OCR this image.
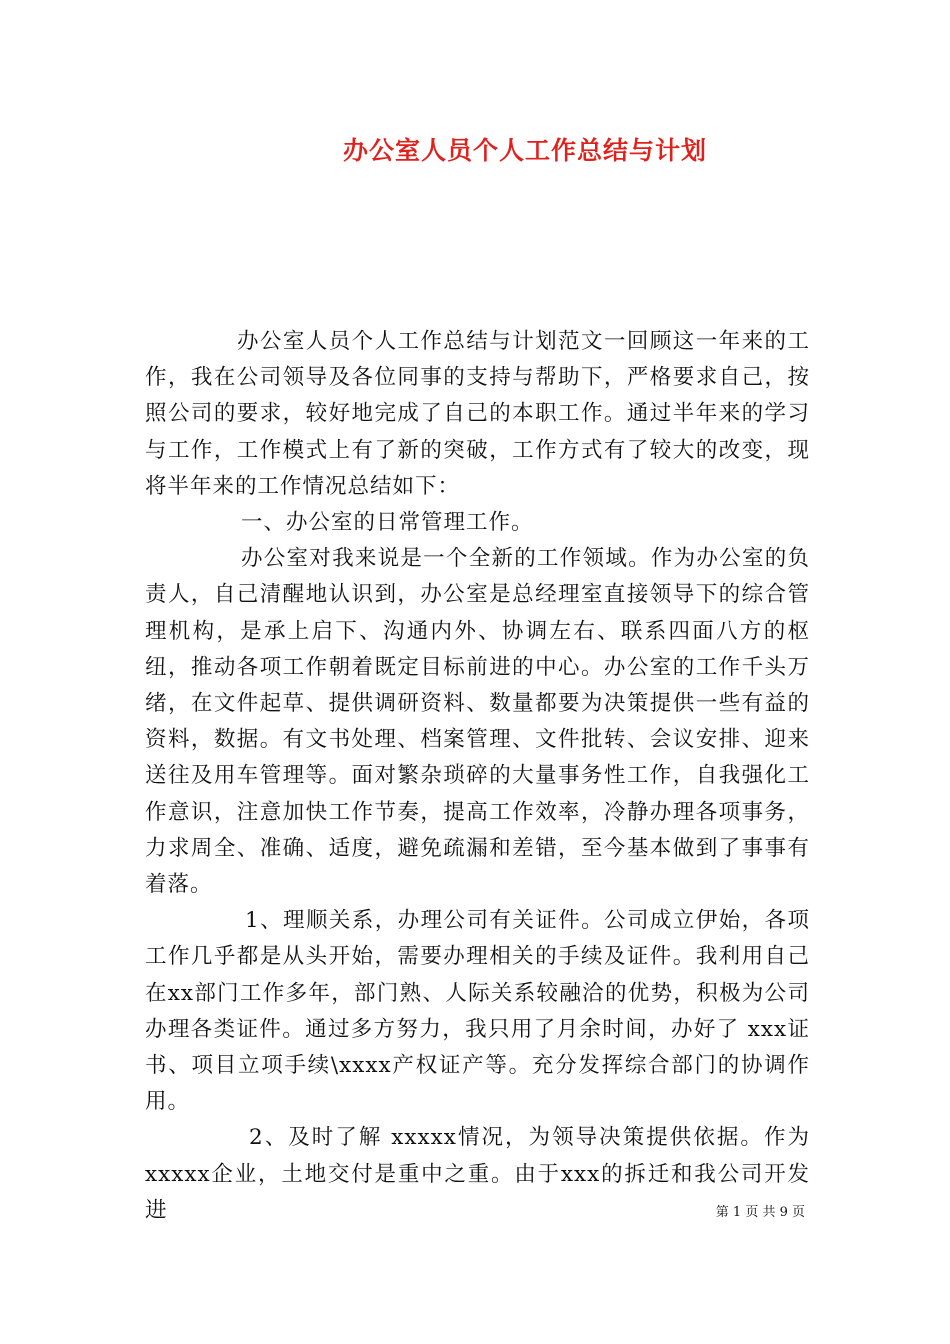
办公室人员个人工作总结与计划

办公室人员个人工作总结与计划范文一回顾这一年来的工作，我在公司领导及各位同事的支持与帮助下，严格要求自己，按照公司的要求，较好地完成了自己的本职工作。通过半年来的学习与工作，工作模式上有了新的突破，工作方式有了较大的改变，现将半年来的工作情况总结如下：

一、办公室的日常管理工作。

办公室对我来说是一个全新的工作领域。作为办公室的负责人，自己清醒地认识到，办公室是总经理室直接领导下的综合管理机构，是承上启下、沟通内外、协调左右、联系四面八方的枢纽，推动各项工作朝着既定目标前进的中心。办公室的工作千头万绪，在文件起草、提供调研资料、数量都要为决策提供一些有益的资料，数据。有文书处理、档案管理、文件批转、会议安排、迎来送往及用车管理等。面对繁杂琐碎的大量事务性工作，自我强化工作意识，注意加快工作节奏，提高工作效率，冷静办理各项事务，力求周全、准确、适度，避免疏漏和差错，至今基本做到了事事有着落。

1、理顺关系，办理公司有关证件。公司成立伊始，各项工作几乎都是从头开始，需要办理相关的手续及证件。我利用自己在xx部门工作多年，部门熟、人际关系较融洽的优势，积极为公司办理各类证件。通过多方努力，我只用了月余时间，办好了 xxx证书、项目立项手续\xxxx产权证产等。充分发挥综合部门的协调作用。

2、及时了解 xxxxx情况，为领导决策提供依据。作为xxxxx企业，土地交付是重中之重。由于xxx的拆迁和我公司开发进	第 1 页 共 9 页
